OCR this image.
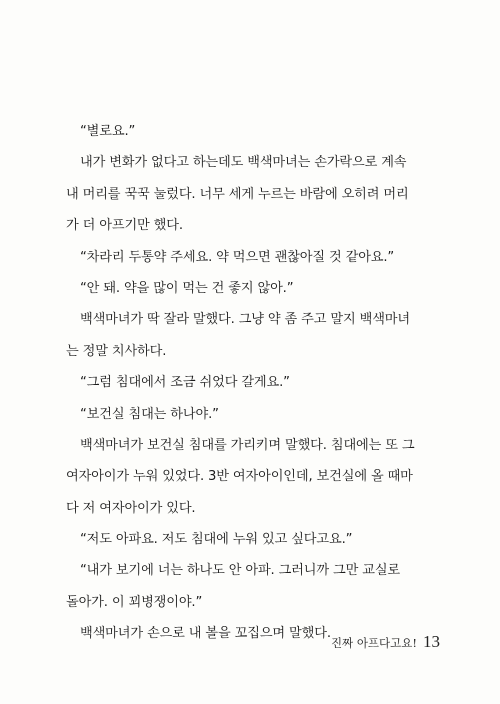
“별로요.”
내가 변화가 없다고 하는데도 백색마녀는 손가락으로 계속
내 머리를 꾹꾹 눌렀다. 너무 세게 누르는 바람에 오히려 머리
가 더 아프기만 했다.
“차라리 두통약 주세요. 약 먹으면 괜찮아질 것 같아요.”
“안 돼. 약을 많이 먹는 건 좋지 않아.”
백색마녀가 딱 잘라 말했다. 그냥 약 좀 주고 말지 백색마녀
는 정말 치사하다.
“그럼 침대에서 조금 쉬었다 갈게요.”
“보건실 침대는 하나야.”
백색마녀가 보건실 침대를 가리키며 말했다. 침대에는 또 그
여자아이가 누워 있었다. 3반 여자아이인데, 보건실에 올 때마
다 저 여자아이가 있다.
“저도 아파요. 저도 침대에 누워 있고 싶다고요.”
“내가 보기에 너는 하나도 안 아파. 그러니까 그만 교실로
돌아가. 이 꾀병쟁이야.”
백색마녀가 손으로 내 볼을 꼬집으며 말했다.
진짜 아프다고요! 13
